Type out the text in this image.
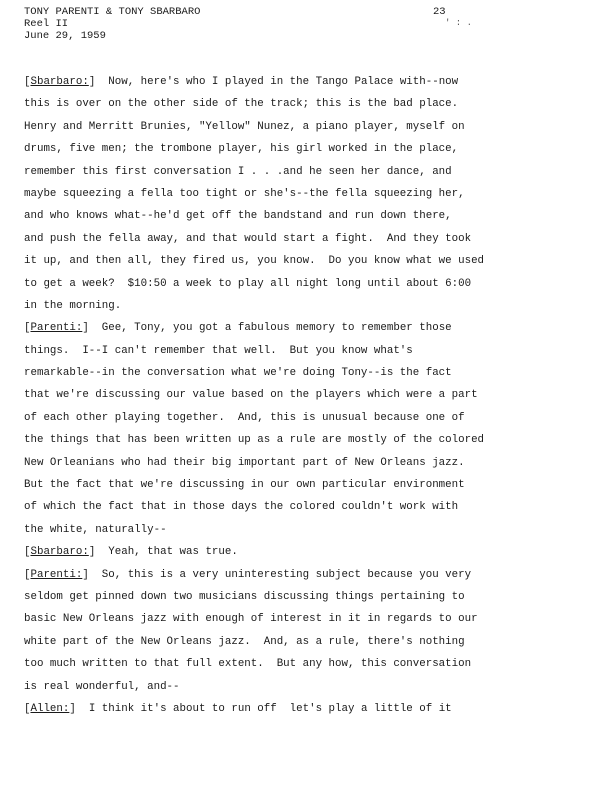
TONY PARENTI & TONY SBARBARO
Reel II
June 29, 1959
23
' : .
[Sbarbaro:]  Now, here's who I played in the Tango Palace with--now
this is over on the other side of the track; this is the bad place.
Henry and Merritt Brunies, "Yellow" Nunez, a piano player, myself on
drums, five men; the trombone player, his girl worked in the place,
remember this first conversation I . . .and he seen her dance, and
maybe squeezing a fella too tight or she's--the fella squeezing her,
and who knows what--he'd get off the bandstand and run down there,
and push the fella away, and that would start a fight.  And they took
it up, and then all, they fired us, you know.  Do you know what we used
to get a week?  $10:50 a week to play all night long until about 6:00
in the morning.
[Parenti:]  Gee, Tony, you got a fabulous memory to remember those
things.  I--I can't remember that well.  But you know what's
remarkable--in the conversation what we're doing Tony--is the fact
that we're discussing our value based on the players which were a part
of each other playing together.  And, this is unusual because one of
the things that has been written up as a rule are mostly of the colored
New Orleanians who had their big important part of New Orleans jazz.
But the fact that we're discussing in our own particular environment
of which the fact that in those days the colored couldn't work with
the white, naturally--
[Sbarbaro:]  Yeah, that was true.
[Parenti:]  So, this is a very uninteresting subject because you very
seldom get pinned down two musicians discussing things pertaining to
basic New Orleans jazz with enough of interest in it in regards to our
white part of the New Orleans jazz.  And, as a rule, there's nothing
too much written to that full extent.  But any how, this conversation
is real wonderful, and--
[Allen:]  I think it's about to run off  let's play a little of it
